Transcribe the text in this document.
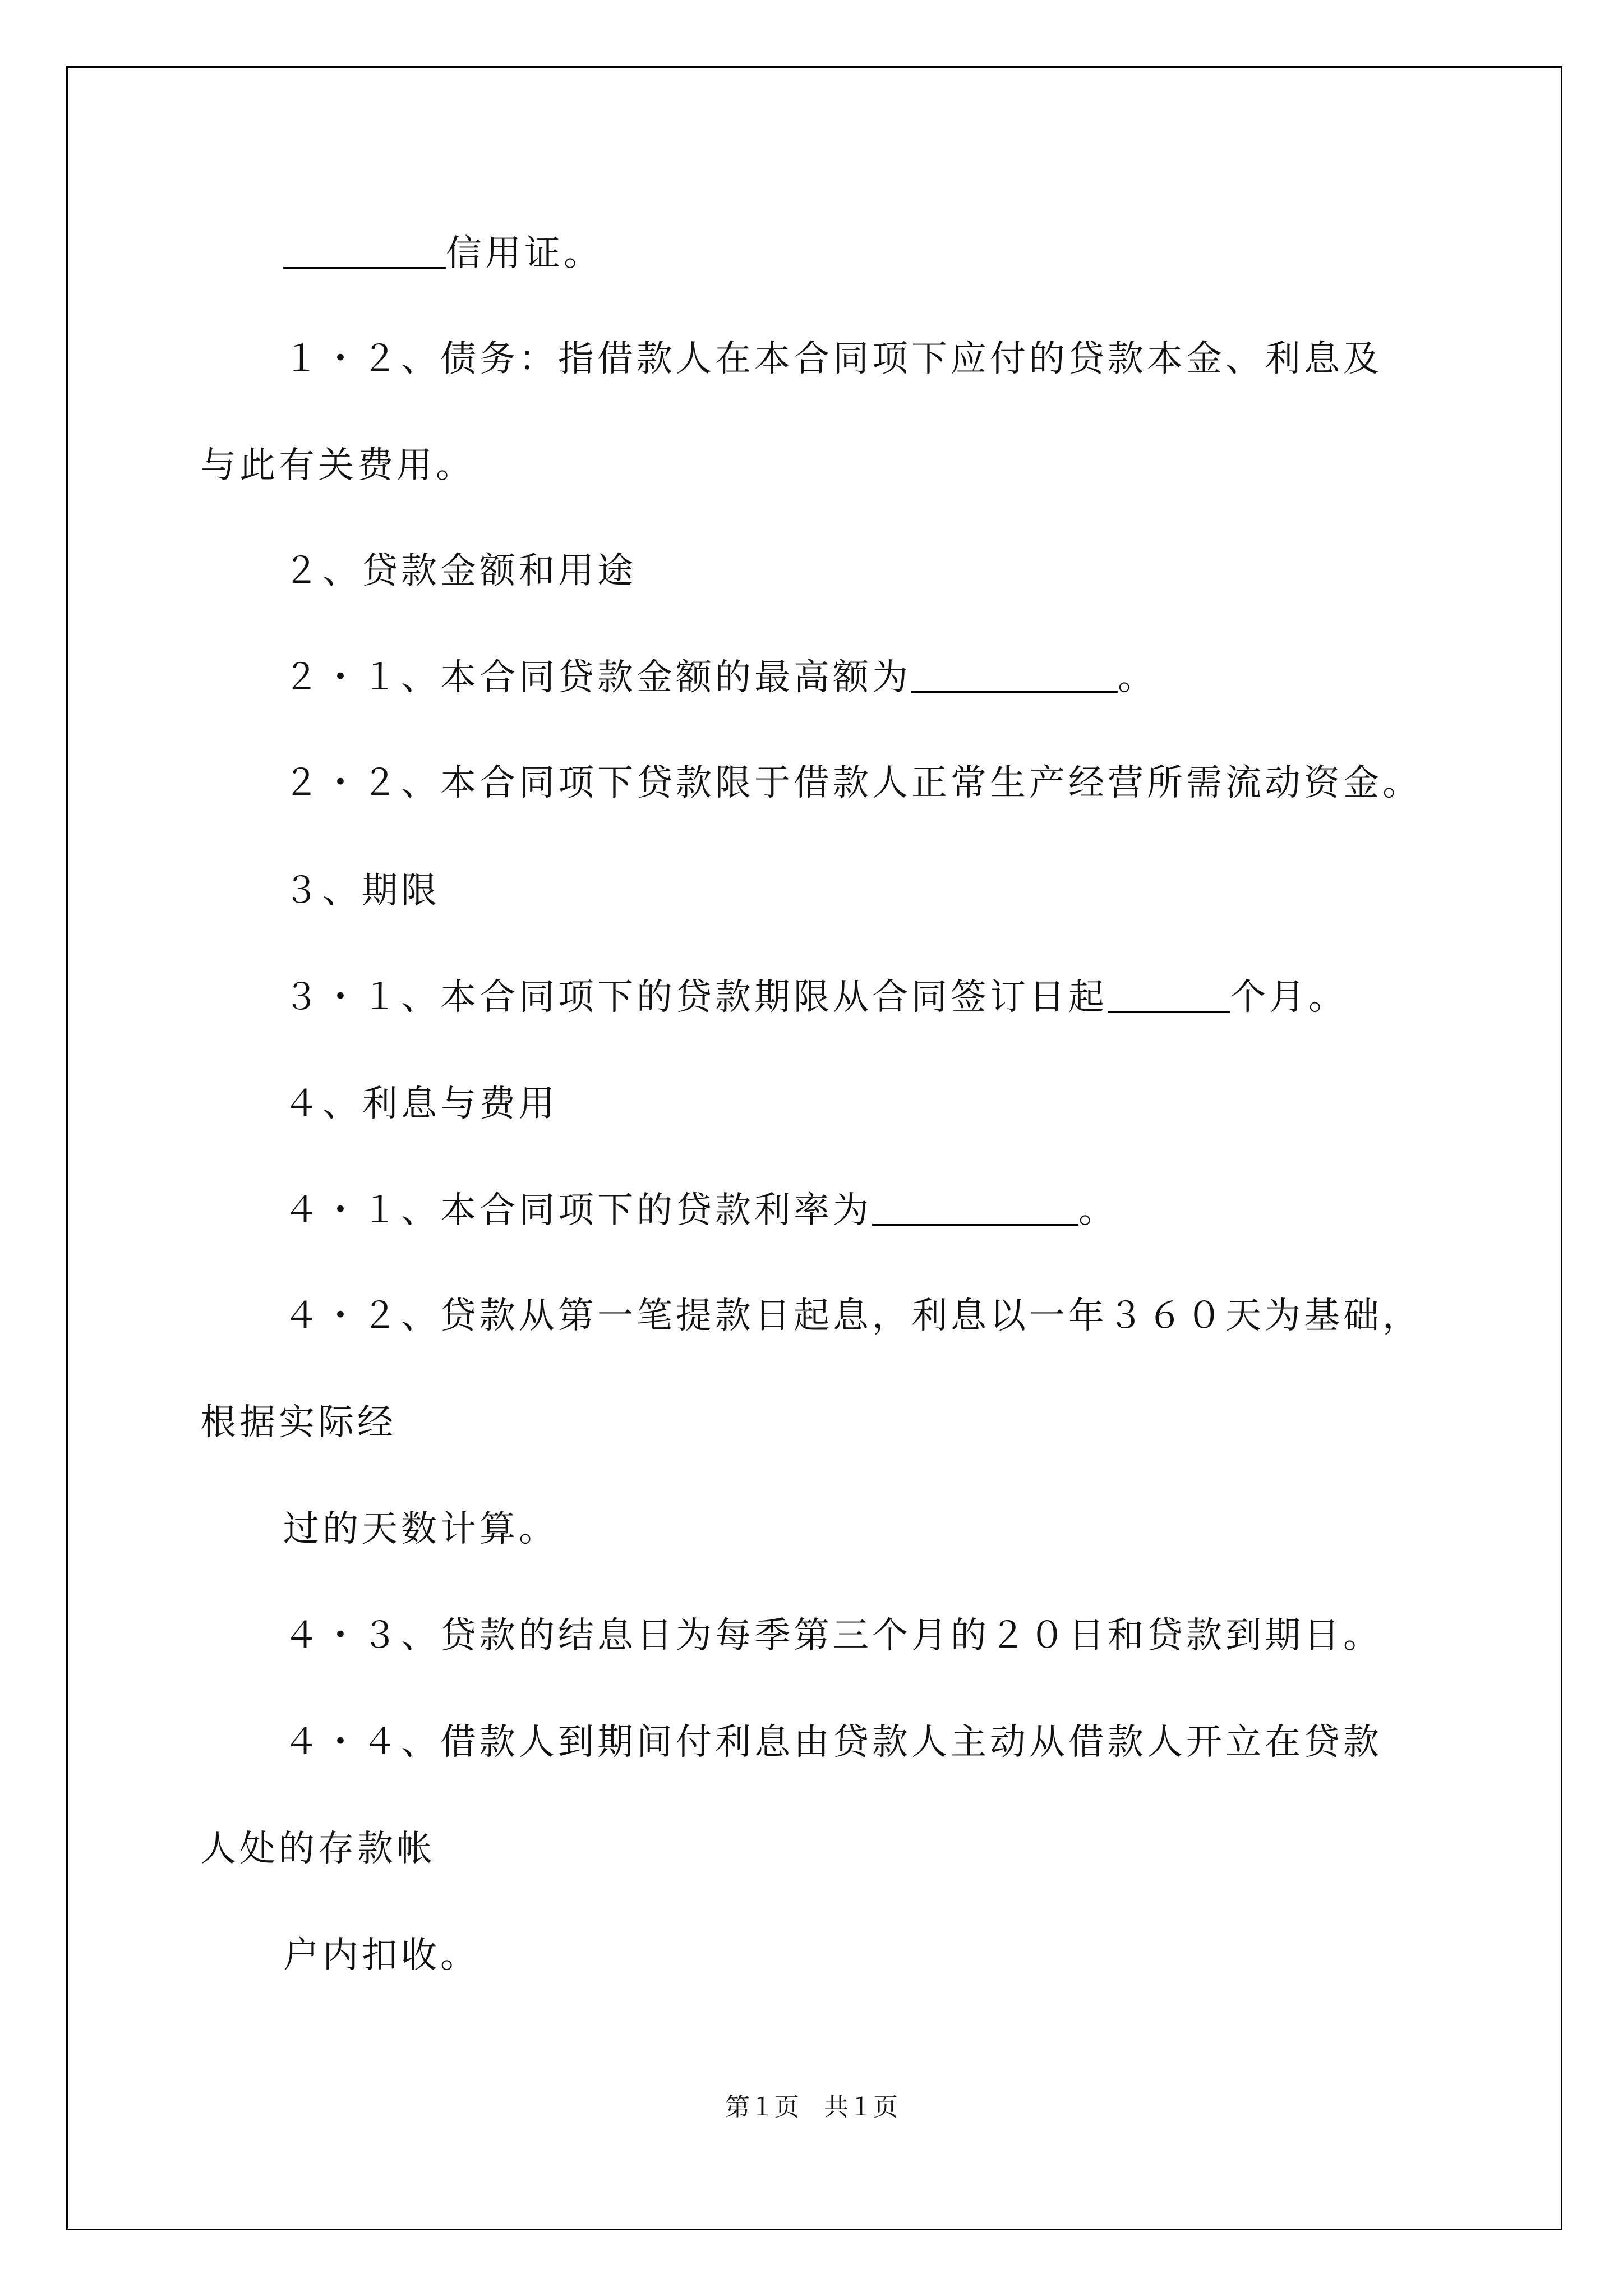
信用证。
１・２、债务：指借款人在本合同项下应付的贷款本金、利息及
与此有关费用。
２、贷款金额和用途
２・１、本合同贷款金额的最高额为	。
２・２、本合同项下贷款限于借款人正常生产经营所需流动资金。
３、期限
３・１、本合同项下的贷款期限从合同签订日起	个月。
４、利息与费用
４・１、本合同项下的贷款利率为	。
４・２、贷款从第一笔提款日起息，利息以一年３６０天为基础，
根据实际经
过的天数计算。
４・３、贷款的结息日为每季第三个月的２０日和贷款到期日。
４・４、借款人到期间付利息由贷款人主动从借款人开立在贷款
人处的存款帐
户内扣收。
第１页　共１页
